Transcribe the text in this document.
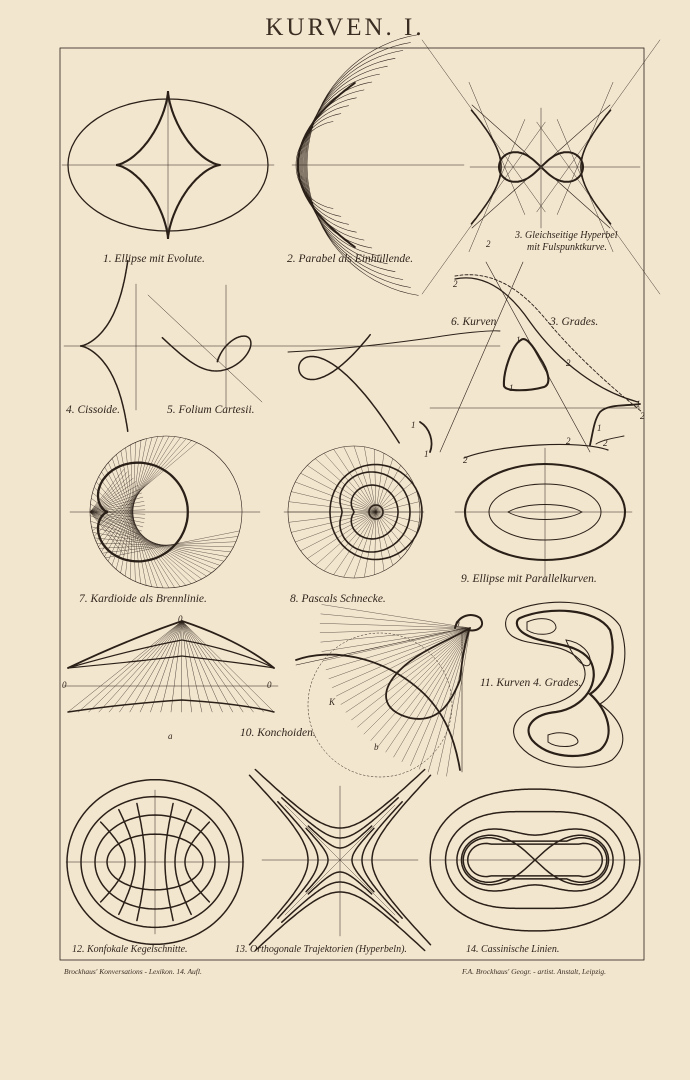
KURVEN. I.
1. Ellipse mit Evolute.	2. Parabel als Einhüllende.
3. Gleichseitige Hyperbel
mit Fulspunktkurve.
4. Cissoide.	5. Folium Cartesii.
6. Kurven	3. Grades.
7. Kardioide als Brennlinie.	8. Pascals Schnecke.
9. Ellipse mit Parallelkurven.
10. Konchoiden.
11. Kurven 4. Grades.
12. Konfokale Kegelschnitte.	13. Orthogonale Trajektorien (Hyperbeln).	14. Cassinische Linien.
2
2
1
1
2
1
2
2	2
1
1
1
2
0
0	0
a
K
b
0
Brockhaus' Konversations - Lexikon. 14. Aufl.	F.A. Brockhaus' Geogr. - artist. Anstalt, Leipzig.
